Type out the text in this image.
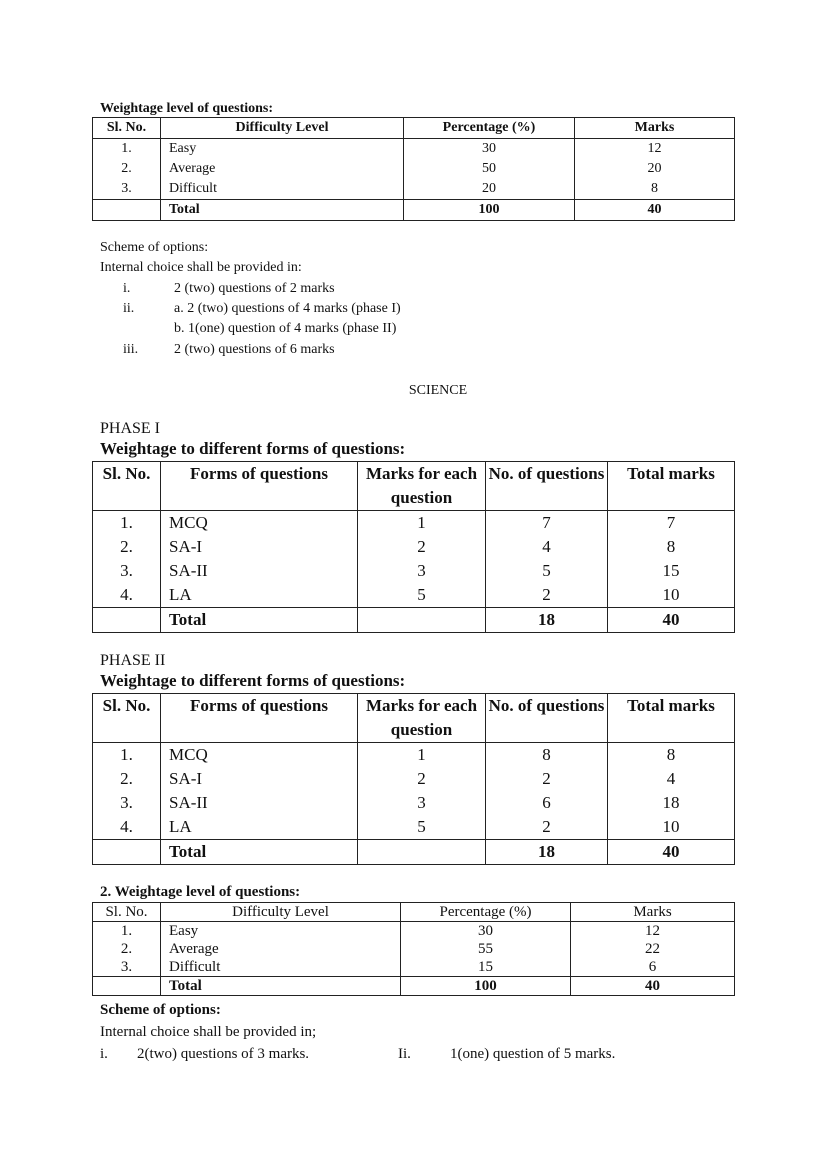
Weightage level of questions:
Sl. No.	Difficulty Level	Percentage (%)	Marks
1.	Easy	30	12
2.	Average	50	20
3.	Difficult	20	8
	Total	100	40
Scheme of options:
Internal choice shall be provided in:
i.	2 (two) questions of 2 marks
ii.	a. 2 (two) questions of 4 marks (phase I)
b. 1(one) question of 4 marks (phase II)
iii.	2 (two) questions of 6 marks
SCIENCE
PHASE I
Weightage to different forms of questions:
Sl. No.	Forms of questions	Marks for each question	No. of questions	Total marks
1.	MCQ	1	7	7
2.	SA-I	2	4	8
3.	SA-II	3	5	15
4.	LA	5	2	10
	Total		18	40
PHASE II
Weightage to different forms of questions:
Sl. No.	Forms of questions	Marks for each question	No. of questions	Total marks
1.	MCQ	1	8	8
2.	SA-I	2	2	4
3.	SA-II	3	6	18
4.	LA	5	2	10
	Total		18	40
2. Weightage level of questions:
Sl. No.	Difficulty Level	Percentage (%)	Marks
1.	Easy	30	12
2.	Average	55	22
3.	Difficult	15	6
	Total	100	40
Scheme of options:
Internal choice shall be provided in;
i. 2(two) questions of 3 marks.	Ii.	1(one) question of 5 marks.
